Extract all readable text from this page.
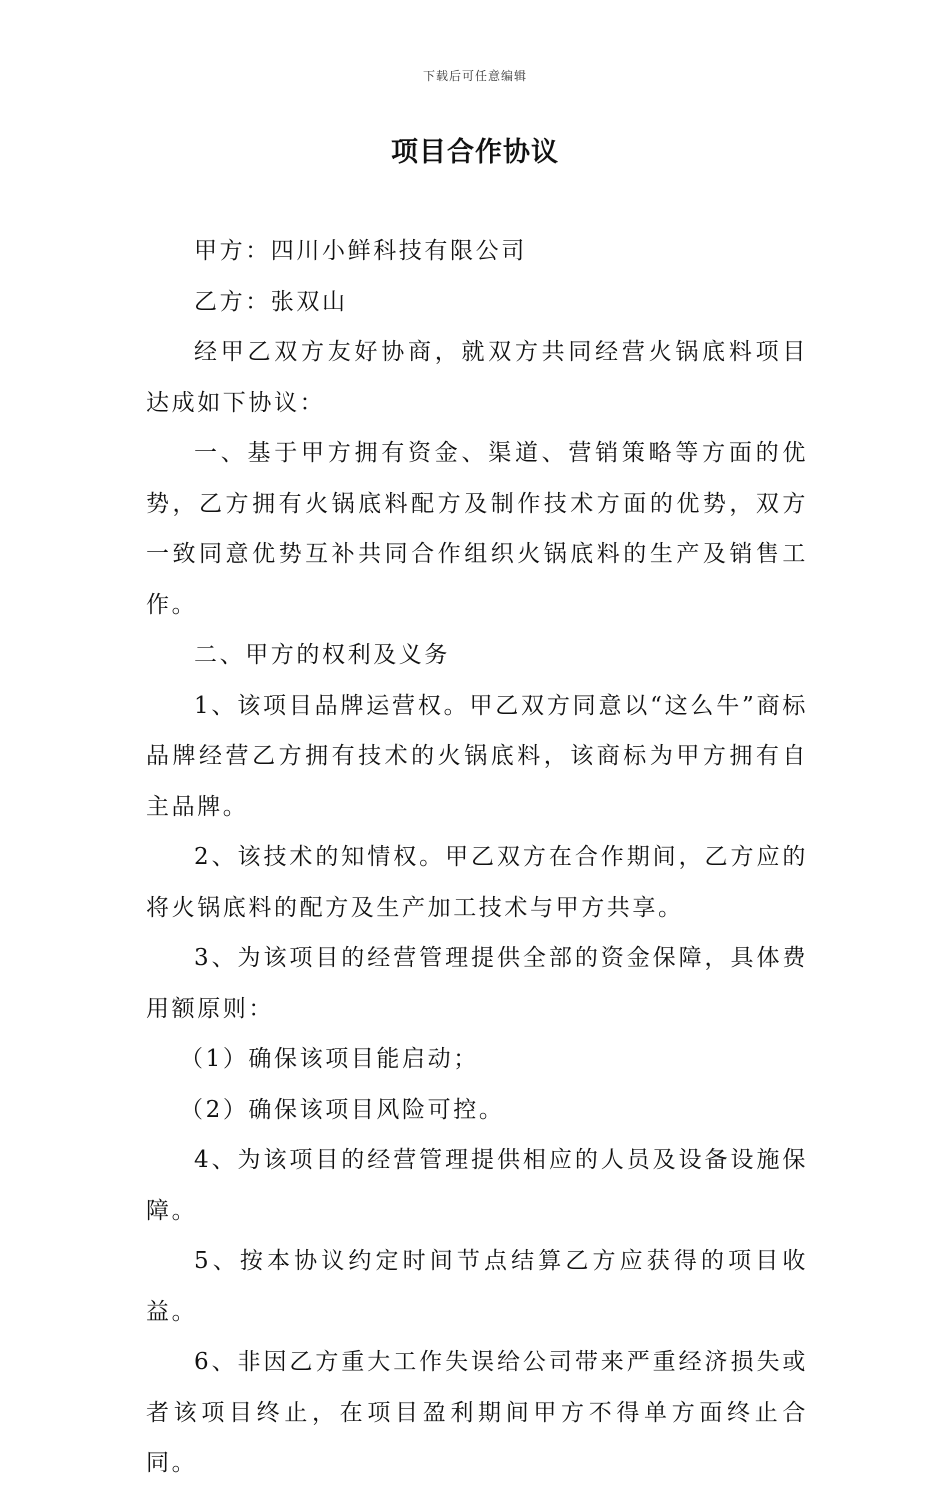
下载后可任意编辑
项目合作协议

甲方：四川小鲜科技有限公司

乙方：张双山

经甲乙双方友好协商，就双方共同经营火锅底料项目达成如下协议：

一、基于甲方拥有资金、渠道、营销策略等方面的优势，乙方拥有火锅底料配方及制作技术方面的优势，双方一致同意优势互补共同合作组织火锅底料的生产及销售工作。

二、甲方的权利及义务

1、该项目品牌运营权。甲乙双方同意以“这么牛”商标品牌经营乙方拥有技术的火锅底料，该商标为甲方拥有自主品牌。

2、该技术的知情权。甲乙双方在合作期间，乙方应的将火锅底料的配方及生产加工技术与甲方共享。

3、为该项目的经营管理提供全部的资金保障，具体费用额原则：

（1）确保该项目能启动；

（2）确保该项目风险可控。

4、为该项目的经营管理提供相应的人员及设备设施保障。

5、按本协议约定时间节点结算乙方应获得的项目收益。

6、非因乙方重大工作失误给公司带来严重经济损失或者该项目终止，在项目盈利期间甲方不得单方面终止合同。
